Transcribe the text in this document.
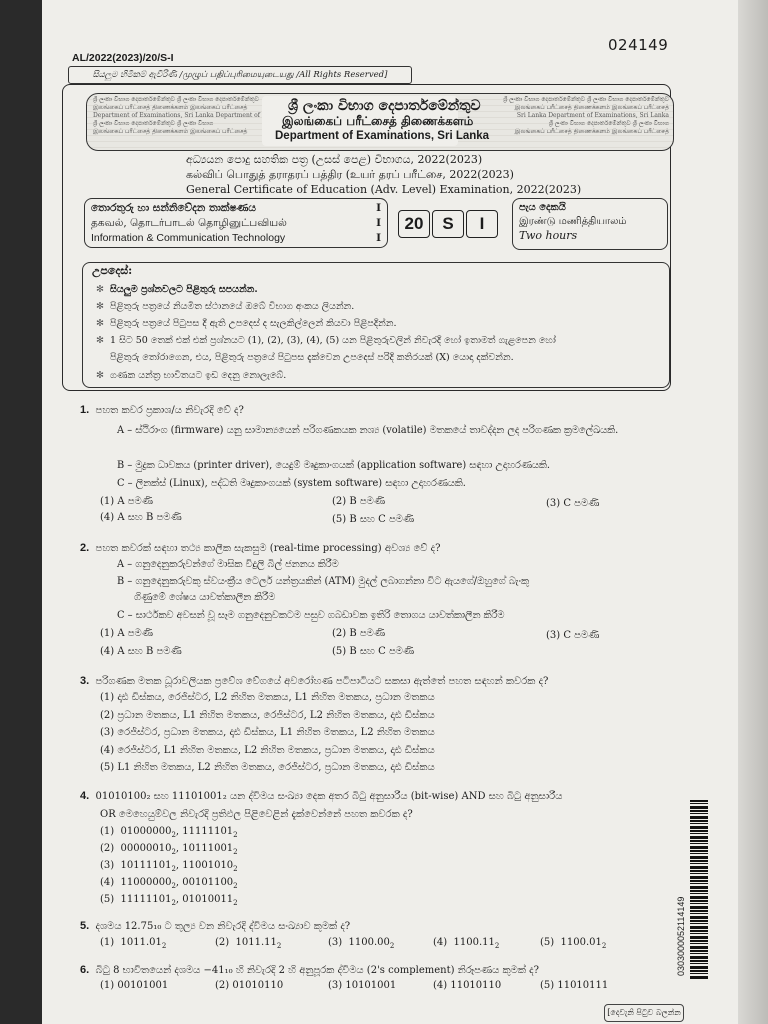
024149
AL/2022(2023)/20/S-I
සියලුම හිමිකම් ඇවිරිණි /முழுப் பதிப்புரிமையுடையது /All Rights Reserved]
ශ්‍රී ලංකා විභාග දෙපාර්තමේන්තුව ශ්‍රී ලංකා විභාග දෙපාර්තමේන්තුව
இலங்கைப் பரீட்சைத் திணைக்களம் இலங்கைப் பரீட்சைத்
Department of Examinations, Sri Lanka Department of
ශ්‍රී ලංකා විභාග දෙපාර්තමේන්තුව ශ්‍රී ලංකා විභාග
இலங்கைப் பரீட்சைத் திணைக்களம் இலங்கைப் பரீட்சைத்
ශ්‍රී ලංකා විභාග දෙපාර්තමේන්තුව ශ්‍රී ලංකා විභාග දෙපාර්තමේන්තුව
இலங்கைப் பரீட்சைத் திணைக்களம் இலங்கைப் பரீட்சைத்
Sri Lanka Department of Examinations, Sri Lanka
ශ්‍රී ලංකා විභාග දෙපාර්තමේන්තුව ශ්‍රී ලංකා විභාග
இலங்கைப் பரீட்சைத் திணைக்களம் இலங்கைப் பரீட்சைத்
ශ්‍රී ලංකා විභාග දෙපාර්තමේන්තුව
இலங்கைப் பரீட்சைத் திணைக்களம்
Department of Examinations, Sri Lanka
අධ්‍යයන පොදු සහතික පත්‍ර (උසස් පෙළ) විභාගය, 2022(2023)
கல்விப் பொதுத் தராதரப் பத்திர (உயர் தரப் பரீட்சை, 2022(2023)
General Certificate of Education (Adv. Level) Examination, 2022(2023)
තොරතුරු හා සන්නිවේදන තාක්ෂණය	I
தகவல், தொடர்பாடல் தொழினுட்பவியல்	I
Information & Communication Technology	I
20	S	I
පැය දෙකයි
இரண்டு மணித்தியாலம்
Two hours
උපදෙස්:
✻ සියලුම ප්‍රශ්නවලට පිළිතුරු සපයන්න.
✻ පිළිතුරු පත්‍රයේ නියමිත ස්ථානයේ ඔබේ විභාග අංකය ලියන්න.
✻ පිළිතුරු පත්‍රයේ පිටුපස දී ඇති උපදෙස් ද සැලකිල්ලෙන් කියවා පිළිපදින්න.
✻ 1 සිට 50 තෙක් එක් එක් ප්‍රශ්නයට (1), (2), (3), (4), (5) යන පිළිතුරුවලින් නිවැරදි හෝ ඉතාමත් ගැළපෙන හෝ
පිළිතුරු තෝරාගෙන, එය, පිළිතුරු පත්‍රයේ පිටුපස දැක්වෙන උපදෙස් පරිදි කතිරයක් (X) යොදා දක්වන්න.
✻ ගණක යන්ත්‍ර භාවිතයට ඉඩ දෙනු නොලැබේ.
1. පහත කවර ප්‍රකාශ/ය නිවැරදි වේ ද?
A – ස්ථිරාංග (firmware) යනු සාමාන්‍යයෙන් පරිගණකයක නශ්‍ය (volatile) මතකයේ තාවද්දන ලද පරිගණක ක්‍රමලේඛයකි.
B – මුද්‍රක ධාවකය (printer driver), යෙදුම් මෘදුකාංගයක් (application software) සඳහා උදාහරණයකි.
C – ලිනක්ස් (Linux), පද්ධති මෘදුකාංගයක් (system software) සඳහා උදාහරණයකි.
(1) A පමණි	(2) B පමණි	(3) C පමණි
(4) A සහ B පමණි	(5) B සහ C පමණි
2. පහත කවරක් සඳහා තථ්‍ය කාලීක සැකසුම (real-time processing) අවශ්‍ය වේ ද?
A – ගනුදෙනුකරුවන්ගේ මාසික විදුලි බිල් ජනනය කිරීම
B – ගනුදෙනුකරුවකු ස්වයංක්‍රීය ටෙලර් යන්ත්‍රයකින් (ATM) මුදල් ලබාගන්නා විට ඇයගේ/ඔහුගේ බැංකු
ගිණුමේ ශේෂය යාවත්කාලීන කිරීම
C – සාර්ථකව අවසන් වූ සෑම ගනුදෙනුවකටම පසුව ගබඩාවක ඉතිරි තොගය යාවත්කාලීන කිරීම
(1) A පමණි	(2) B පමණි	(3) C පමණි
(4) A සහ B පමණි	(5) B සහ C පමණි
3. පරිගණක මතක ධූරාවලියක ප්‍රවේශ වේගයේ අවරෝහණ පටිපාටියට සකසා ඇත්තේ පහත සඳහන් කවරක ද?
(1) දෘඪ ඩිස්කය, රෙජිස්ටර, L2 නිහිත මතකය, L1 නිහිත මතකය, ප්‍රධාන මතකය
(2) ප්‍රධාන මතකය, L1 නිහිත මතකය, රෙජිස්ටර, L2 නිහිත මතකය, දෘඪ ඩිස්කය
(3) රෙජිස්ටර, ප්‍රධාන මතකය, දෘඪ ඩිස්කය, L1 නිහිත මතකය, L2 නිහිත මතකය
(4) රෙජිස්ටර, L1 නිහිත මතකය, L2 නිහිත මතකය, ප්‍රධාන මතකය, දෘඪ ඩිස්කය
(5) L1 නිහිත මතකය, L2 නිහිත මතකය, රෙජිස්ටර, ප්‍රධාන මතකය, දෘඪ ඩිස්කය
4. 01010100₂ සහ 11101001₂ යන ද්විමය සංඛ්‍යා දෙක අතර බිටු අනුසාරීය (bit-wise) AND සහ බිටු අනුසාරීය
OR මෙහෙයුම්වල නිවැරදි ප්‍රතිඵල පිළිවෙළින් දැක්වෙන්නේ පහත කවරක ද?
(1) $01000000_2$, $11111101_2$
(2) $00000010_2$, $10111001_2$
(3) $10111101_2$, $11001010_2$
(4) $11000000_2$, $00101100_2$
(5) $11111101_2$, $01010011_2$
5. දශමය 12.75₁₀ ට තුල්‍ය වන නිවැරදි ද්විමය සංඛ්‍යාව කුමක් ද?
(1) $1011.01_2$	(2) $1011.11_2$	(3) $1100.00_2$	(4) $1100.11_2$	(5) $1100.01_2$
6. බිටු 8 භාවිතයෙන් දශමය −41₁₀ හි නිවැරදි 2 හි අනුපූරක ද්විමය (2's complement) නිරූපණය කුමක් ද?
(1) 00101001	(2) 01010110	(3) 10101001	(4) 11010110	(5) 11010111
0303000052114149
[දෙවැනි පිටුව බලන්න
